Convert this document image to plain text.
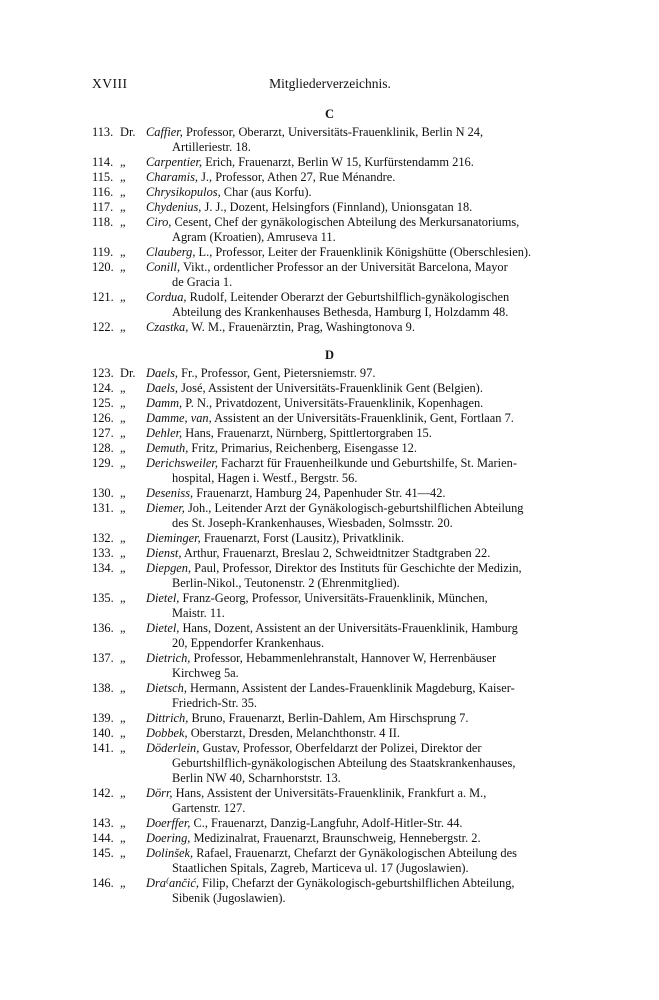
XVIII	Mitgliederverzeichnis.
C
D
113. Dr. Caffier, Professor, Oberarzt, Universitäts-Frauenklinik, Berlin N 24,
Artilleriestr. 18.
114. „	Carpentier, Erich, Frauenarzt, Berlin W 15, Kurfürstendamm 216.
115. „	Charamis, J., Professor, Athen 27, Rue Ménandre.
116. „	Chrysikopulos, Char (aus Korfu).
117. „	Chydenius, J. J., Dozent, Helsingfors (Finnland), Unionsgatan 18.
118. „	Ciro, Cesent, Chef der gynäkologischen Abteilung des Merkursanatoriums,
Agram (Kroatien), Amruseva 11.
119. „	Clauberg, L., Professor, Leiter der Frauenklinik Königshütte (Oberschlesien).
120. „	Conill, Vikt., ordentlicher Professor an der Universität Barcelona, Mayor
de Gracia 1.
121. „	Cordua, Rudolf, Leitender Oberarzt der Geburtshilflich-gynäkologischen
Abteilung des Krankenhauses Bethesda, Hamburg I, Holzdamm 48.
122. „	Czastka, W. M., Frauenärztin, Prag, Washingtonova 9.
123. Dr. Daels, Fr., Professor, Gent, Pietersniemstr. 97.
124. „	Daels, José, Assistent der Universitäts-Frauenklinik Gent (Belgien).
125. „	Damm, P. N., Privatdozent, Universitäts-Frauenklinik, Kopenhagen.
126. „	Damme, van, Assistent an der Universitäts-Frauenklinik, Gent, Fortlaan 7.
127. „	Dehler, Hans, Frauenarzt, Nürnberg, Spittlertorgraben 15.
128. „	Demuth, Fritz, Primarius, Reichenberg, Eisengasse 12.
129. „	Derichsweiler, Facharzt für Frauenheilkunde und Geburtshilfe, St. Marien-
hospital, Hagen i. Westf., Bergstr. 56.
130. „	Deseniss, Frauenarzt, Hamburg 24, Papenhuder Str. 41—42.
131. „	Diemer, Joh., Leitender Arzt der Gynäkologisch-geburtshilflichen Abteilung
des St. Joseph-Krankenhauses, Wiesbaden, Solmsstr. 20.
132. „	Dieminger, Frauenarzt, Forst (Lausitz), Privatklinik.
133. „	Dienst, Arthur, Frauenarzt, Breslau 2, Schweidtnitzer Stadtgraben 22.
134. „	Diepgen, Paul, Professor, Direktor des Instituts für Geschichte der Medizin,
Berlin-Nikol., Teutonenstr. 2 (Ehrenmitglied).
135. „	Dietel, Franz-Georg, Professor, Universitäts-Frauenklinik, München,
Maistr. 11.
136. „	Dietel, Hans, Dozent, Assistent an der Universitäts-Frauenklinik, Hamburg
20, Eppendorfer Krankenhaus.
137. „	Dietrich, Professor, Hebammenlehranstalt, Hannover W, Herrenbäuser
Kirchweg 5a.
138. „	Dietsch, Hermann, Assistent der Landes-Frauenklinik Magdeburg, Kaiser-
Friedrich-Str. 35.
139. „	Dittrich, Bruno, Frauenarzt, Berlin-Dahlem, Am Hirschsprung 7.
140. „	Dobbek, Oberstarzt, Dresden, Melanchthonstr. 4 II.
141. „	Döderlein, Gustav, Professor, Oberfeldarzt der Polizei, Direktor der
Geburtshilflich-gynäkologischen Abteilung des Staatskrankenhauses,
Berlin NW 40, Scharnhorststr. 13.
142. „	Dörr, Hans, Assistent der Universitäts-Frauenklinik, Frankfurt a. M.,
Gartenstr. 127.
143. „	Doerffer, C., Frauenarzt, Danzig-Langfuhr, Adolf-Hitler-Str. 44.
144. „	Doering, Medizinalrat, Frauenarzt, Braunschweig, Hennebergstr. 2.
145. „	Dolinšek, Rafael, Frauenarzt, Chefarzt der Gynäkologischen Abteilung des
Staatlichen Spitals, Zagreb, Marticeva ul. 17 (Jugoslawien).
146. „	Dra⁽ančić, Filip, Chefarzt der Gynäkologisch-geburtshilflichen Abteilung,
Sibenik (Jugoslawien).
